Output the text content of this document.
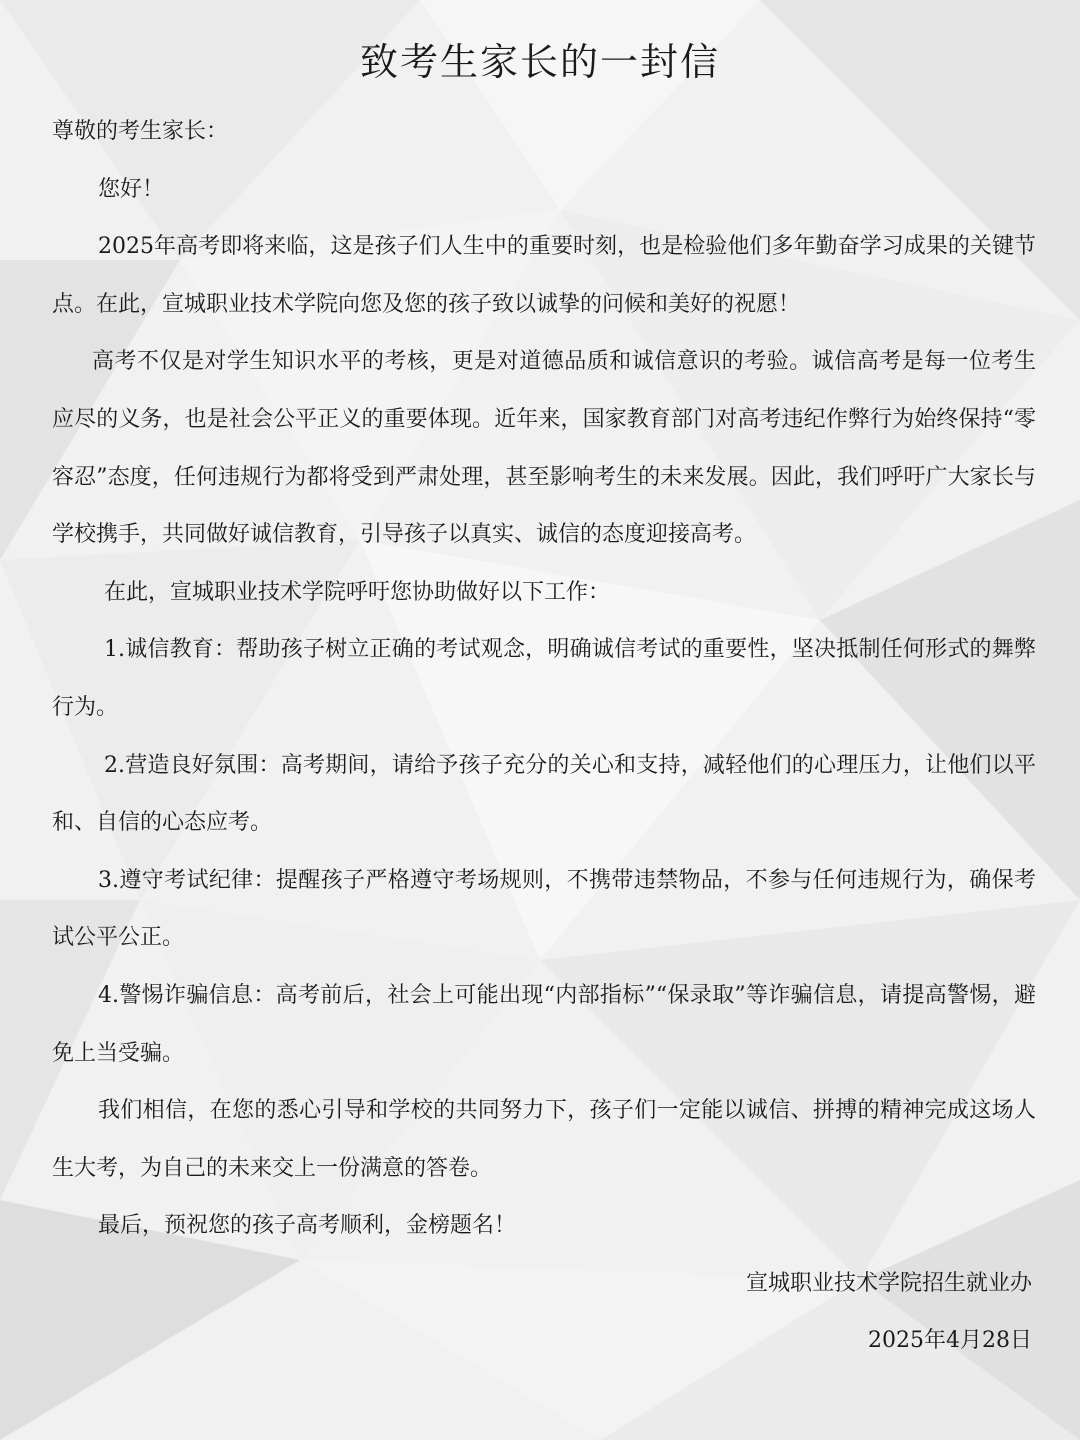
致考生家长的一封信

尊敬的考生家长：

您好！

2025年高考即将来临，这是孩子们人生中的重要时刻，也是检验他们多年勤奋学习成果的关键节点。在此，宣城职业技术学院向您及您的孩子致以诚挚的问候和美好的祝愿！

高考不仅是对学生知识水平的考核，更是对道德品质和诚信意识的考验。诚信高考是每一位考生应尽的义务，也是社会公平正义的重要体现。近年来，国家教育部门对高考违纪作弊行为始终保持“零容忍”态度，任何违规行为都将受到严肃处理，甚至影响考生的未来发展。因此，我们呼吁广大家长与学校携手，共同做好诚信教育，引导孩子以真实、诚信的态度迎接高考。

在此，宣城职业技术学院呼吁您协助做好以下工作：

1.诚信教育：帮助孩子树立正确的考试观念，明确诚信考试的重要性，坚决抵制任何形式的舞弊行为。

2.营造良好氛围：高考期间，请给予孩子充分的关心和支持，减轻他们的心理压力，让他们以平和、自信的心态应考。

3.遵守考试纪律：提醒孩子严格遵守考场规则，不携带违禁物品，不参与任何违规行为，确保考试公平公正。

4.警惕诈骗信息：高考前后，社会上可能出现“内部指标”“保录取”等诈骗信息，请提高警惕，避免上当受骗。

我们相信，在您的悉心引导和学校的共同努力下，孩子们一定能以诚信、拼搏的精神完成这场人生大考，为自己的未来交上一份满意的答卷。

最后，预祝您的孩子高考顺利，金榜题名！

宣城职业技术学院招生就业办

2025年4月28日
